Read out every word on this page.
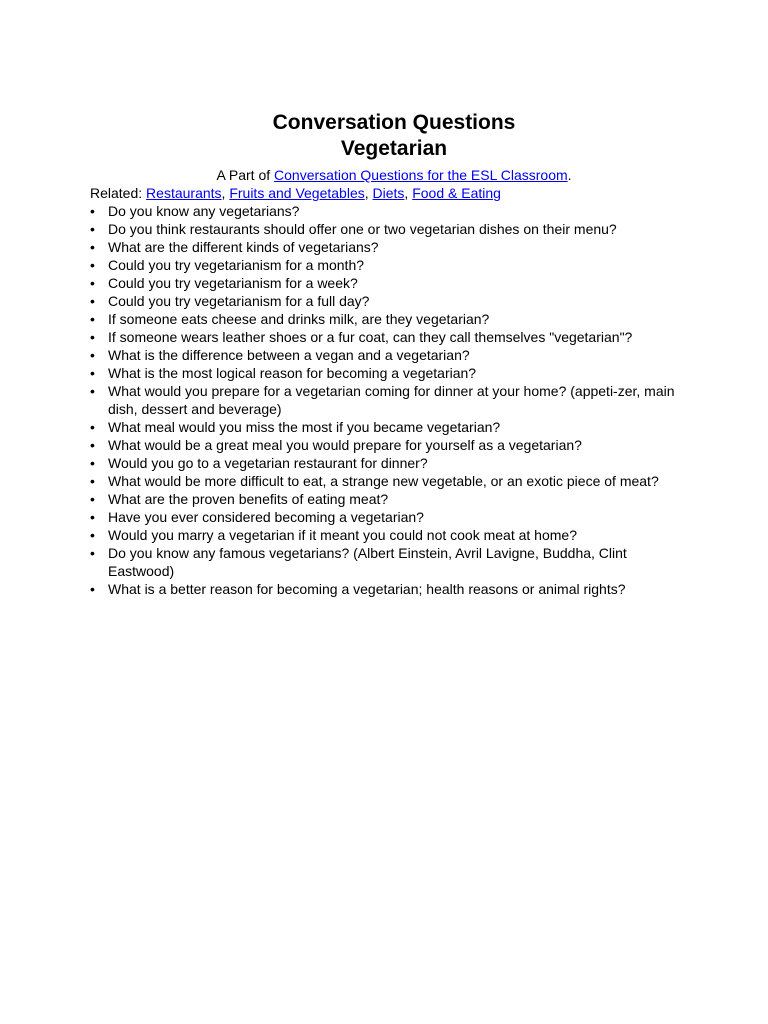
Conversation Questions
Vegetarian

A Part of Conversation Questions for the ESL Classroom.

Related: Restaurants, Fruits and Vegetables, Diets, Food & Eating

• Do you know any vegetarians?
• Do you think restaurants should offer one or two vegetarian dishes on their menu?
• What are the different kinds of vegetarians?
• Could you try vegetarianism for a month?
• Could you try vegetarianism for a week?
• Could you try vegetarianism for a full day?
• If someone eats cheese and drinks milk, are they vegetarian?
• If someone wears leather shoes or a fur coat, can they call themselves "vegetarian"?
• What is the difference between a vegan and a vegetarian?
• What is the most logical reason for becoming a vegetarian?
• What would you prepare for a vegetarian coming for dinner at your home? (appeti-zer, main dish, dessert and beverage)
• What meal would you miss the most if you became vegetarian?
• What would be a great meal you would prepare for yourself as a vegetarian?
• Would you go to a vegetarian restaurant for dinner?
• What would be more difficult to eat, a strange new vegetable, or an exotic piece of meat?
• What are the proven benefits of eating meat?
• Have you ever considered becoming a vegetarian?
• Would you marry a vegetarian if it meant you could not cook meat at home?
• Do you know any famous vegetarians? (Albert Einstein, Avril Lavigne, Buddha, Clint Eastwood)
• What is a better reason for becoming a vegetarian; health reasons or animal rights?
